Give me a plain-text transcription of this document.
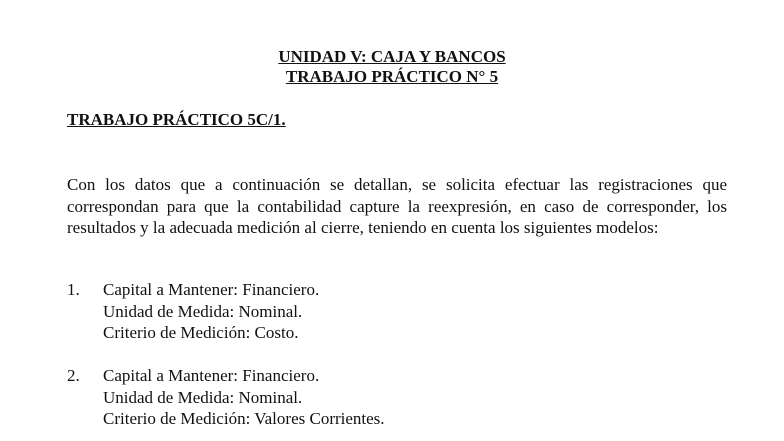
UNIDAD V: CAJA Y BANCOS
TRABAJO PRÁCTICO N° 5
TRABAJO PRÁCTICO 5C/1.

Con los datos que a continuación se detallan, se solicita efectuar las registraciones que correspondan para que la contabilidad capture la reexpresión, en caso de corresponder, los resultados y la adecuada medición al cierre, teniendo en cuenta los siguientes modelos:

1.	Capital a Mantener: Financiero.
Unidad de Medida: Nominal.
Criterio de Medición: Costo.
2.	Capital a Mantener: Financiero.
Unidad de Medida: Nominal.
Criterio de Medición: Valores Corrientes.
